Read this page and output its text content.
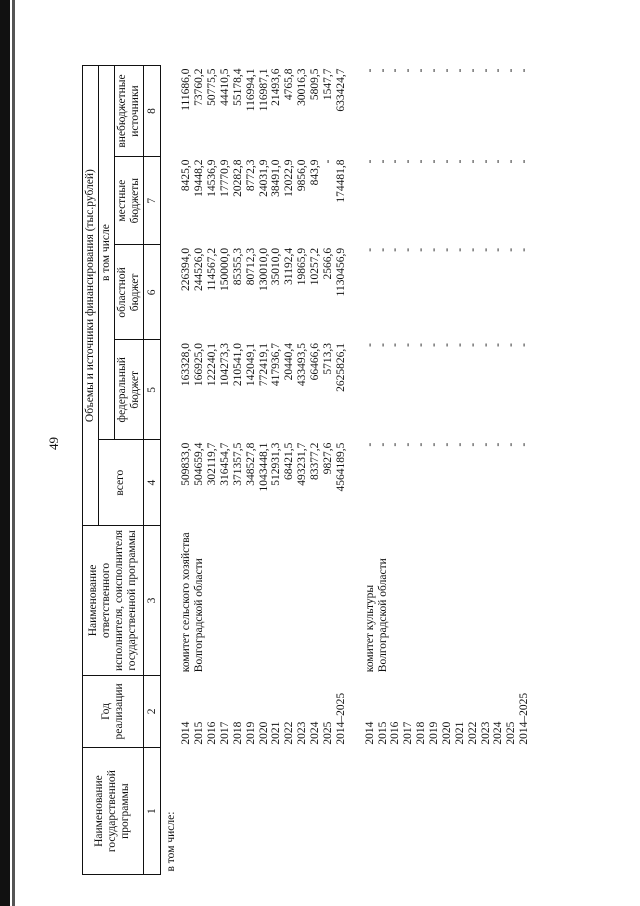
49
Наименование государственной программы	Год реализации	Наименование ответственного исполнителя, соисполнителя государственной программы	Объемы и источники финансирования (тыс.рублей)				
			всего	в том числе			
				федеральный бюджет	областной бюджет	местные бюджеты	внебюджетные источники
1	2	3	4	5	6	7	8
в том числе:							
	2014	комитет сельского хозяйства Волгоградской области	509833,0	163328,0	226394,0	8425,0	111686,0
	2015		504659,4	166925,0	244526,0	19448,2	73760,2
	2016		302119,7	122240,1	114567,2	14536,9	50775,5
	2017		316454,7	104273,3	150000,0	17770,9	44410,5
	2018		371357,5	210541,0	85355,3	20282,8	55178,4
	2019		348527,8	142049,1	80712,3	8772,3	116994,1
	2020		1043448,1	772419,1	130010,0	24031,9	116987,1
	2021		512931,3	417936,7	35010,0	38491,0	21493,6
	2022		68421,5	20440,4	31192,4	12022,9	4765,8
	2023		493231,7	433493,5	19865,9	9856,0	30016,3
	2024		83377,2	66466,6	10257,2	843,9	5809,5
	2025		9827,6	5713,3	2566,6	-	1547,7
	2014–2025		4564189,5	2625826,1	1130456,9	174481,8	633424,7

	2014	комитет культуры Волгоградской области	-	-	-	-	-
	2015		-	-	-	-	-
	2016		-	-	-	-	-
	2017		-	-	-	-	-
	2018		-	-	-	-	-
	2019		-	-	-	-	-
	2020		-	-	-	-	-
	2021		-	-	-	-	-
	2022		-	-	-	-	-
	2023		-	-	-	-	-
	2024		-	-	-	-	-
	2025		-	-	-	-	-
	2014–2025		-	-	-	-	-
